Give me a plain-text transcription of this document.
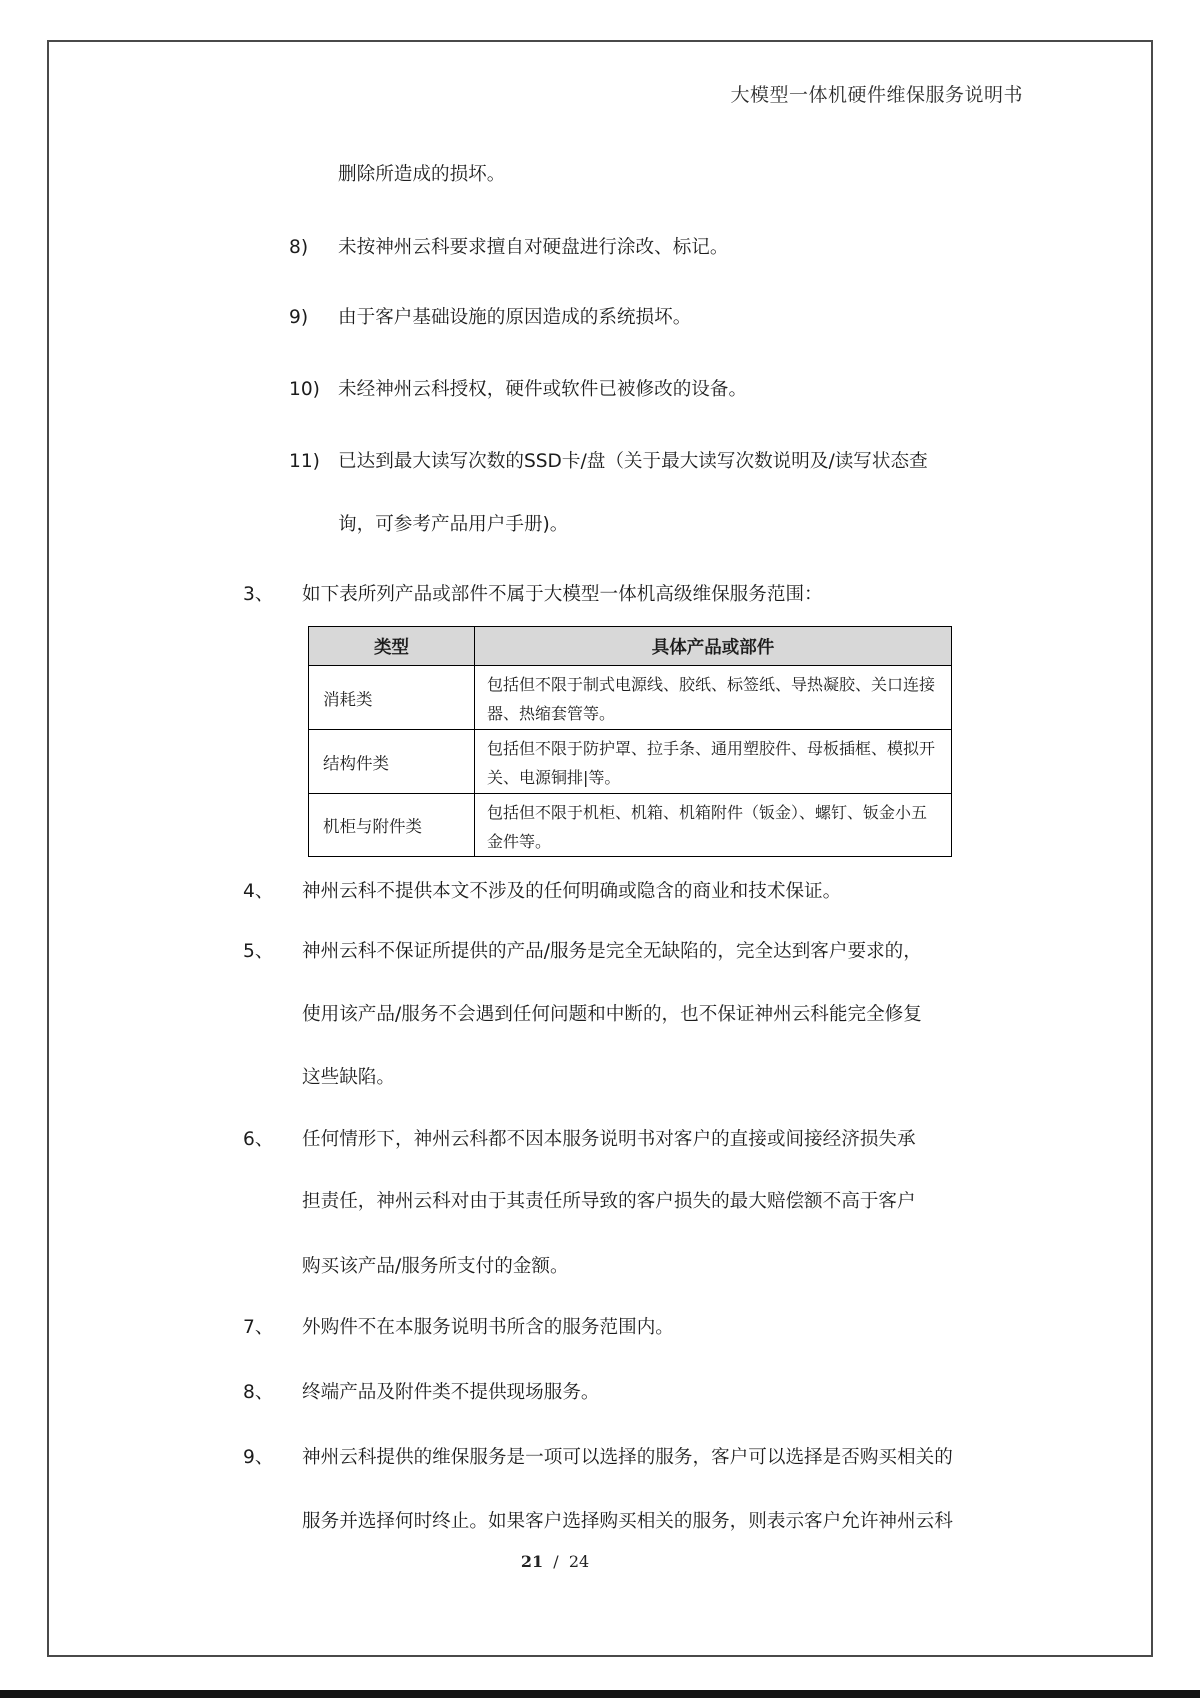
大模型一体机硬件维保服务说明书
删除所造成的损坏。
8) 未按神州云科要求擅自对硬盘进行涂改、标记。
9) 由于客户基础设施的原因造成的系统损坏。
10) 未经神州云科授权，硬件或软件已被修改的设备。
11) 已达到最大读写次数的SSD卡/盘（关于最大读写次数说明及/读写状态查
询，可参考产品用户手册)。
3、 如下表所列产品或部件不属于大模型一体机高级维保服务范围：
类型	具体产品或部件
消耗类
包括但不限于制式电源线、胶纸、标签纸、导热凝胶、关口连接
器、热缩套管等。
结构件类
包括但不限于防护罩、拉手条、通用塑胶件、母板插框、模拟开
关、电源铜排|等。
机柜与附件类
包括但不限于机柜、机箱、机箱附件（钣金）、螺钉、钣金小五
金件等。
4、 神州云科不提供本文不涉及的任何明确或隐含的商业和技术保证。
5、 神州云科不保证所提供的产品/服务是完全无缺陷的，完全达到客户要求的，
使用该产品/服务不会遇到任何问题和中断的，也不保证神州云科能完全修复
这些缺陷。
6、 任何情形下，神州云科都不因本服务说明书对客户的直接或间接经济损失承
担责任，神州云科对由于其责任所导致的客户损失的最大赔偿额不高于客户
购买该产品/服务所支付的金额。
7、 外购件不在本服务说明书所含的服务范围内。
8、 终端产品及附件类不提供现场服务。
9、 神州云科提供的维保服务是一项可以选择的服务，客户可以选择是否购买相关的
服务并选择何时终止。如果客户选择购买相关的服务，则表示客户允许神州云科
21 / 24
